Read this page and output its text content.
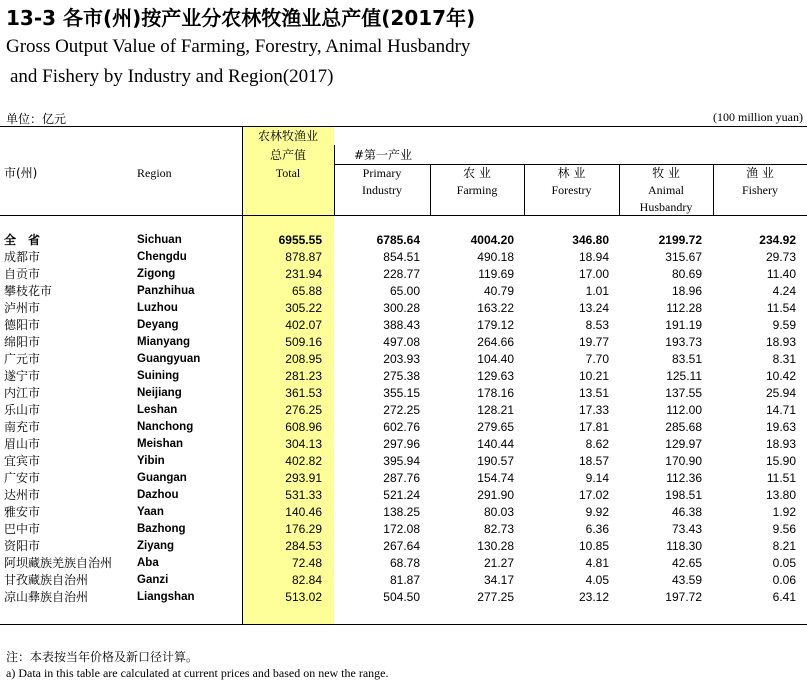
13-3 各市(州)按产业分农林牧渔业总产值(2017年)
Gross Output Value of Farming, Forestry, Animal Husbandry
and Fishery by Industry and Region(2017)
单位：亿元	(100 million yuan)
市(州)	Region
农林牧渔业
总产值
Total
#第一产业
Primary
Industry
农 业
Farming
林 业
Forestry
牧 业
Animal
Husbandry
渔 业
Fishery
全　省	Sichuan	6955.55	6785.64	4004.20	346.80	2199.72	234.92
成都市	Chengdu	878.87	854.51	490.18	18.94	315.67	29.73
自贡市	Zigong	231.94	228.77	119.69	17.00	80.69	11.40
攀枝花市	Panzhihua	65.88	65.00	40.79	1.01	18.96	4.24
泸州市	Luzhou	305.22	300.28	163.22	13.24	112.28	11.54
德阳市	Deyang	402.07	388.43	179.12	8.53	191.19	9.59
绵阳市	Mianyang	509.16	497.08	264.66	19.77	193.73	18.93
广元市	Guangyuan	208.95	203.93	104.40	7.70	83.51	8.31
遂宁市	Suining	281.23	275.38	129.63	10.21	125.11	10.42
内江市	Neijiang	361.53	355.15	178.16	13.51	137.55	25.94
乐山市	Leshan	276.25	272.25	128.21	17.33	112.00	14.71
南充市	Nanchong	608.96	602.76	279.65	17.81	285.68	19.63
眉山市	Meishan	304.13	297.96	140.44	8.62	129.97	18.93
宜宾市	Yibin	402.82	395.94	190.57	18.57	170.90	15.90
广安市	Guangan	293.91	287.76	154.74	9.14	112.36	11.51
达州市	Dazhou	531.33	521.24	291.90	17.02	198.51	13.80
雅安市	Yaan	140.46	138.25	80.03	9.92	46.38	1.92
巴中市	Bazhong	176.29	172.08	82.73	6.36	73.43	9.56
资阳市	Ziyang	284.53	267.64	130.28	10.85	118.30	8.21
阿坝藏族羌族自治州 Aba	72.48	68.78	21.27	4.81	42.65	0.05
甘孜藏族自治州	Ganzi	82.84	81.87	34.17	4.05	43.59	0.06
凉山彝族自治州	Liangshan	513.02	504.50	277.25	23.12	197.72	6.41
注：本表按当年价格及新口径计算。
a) Data in this table are calculated at current prices and based on new the range.
